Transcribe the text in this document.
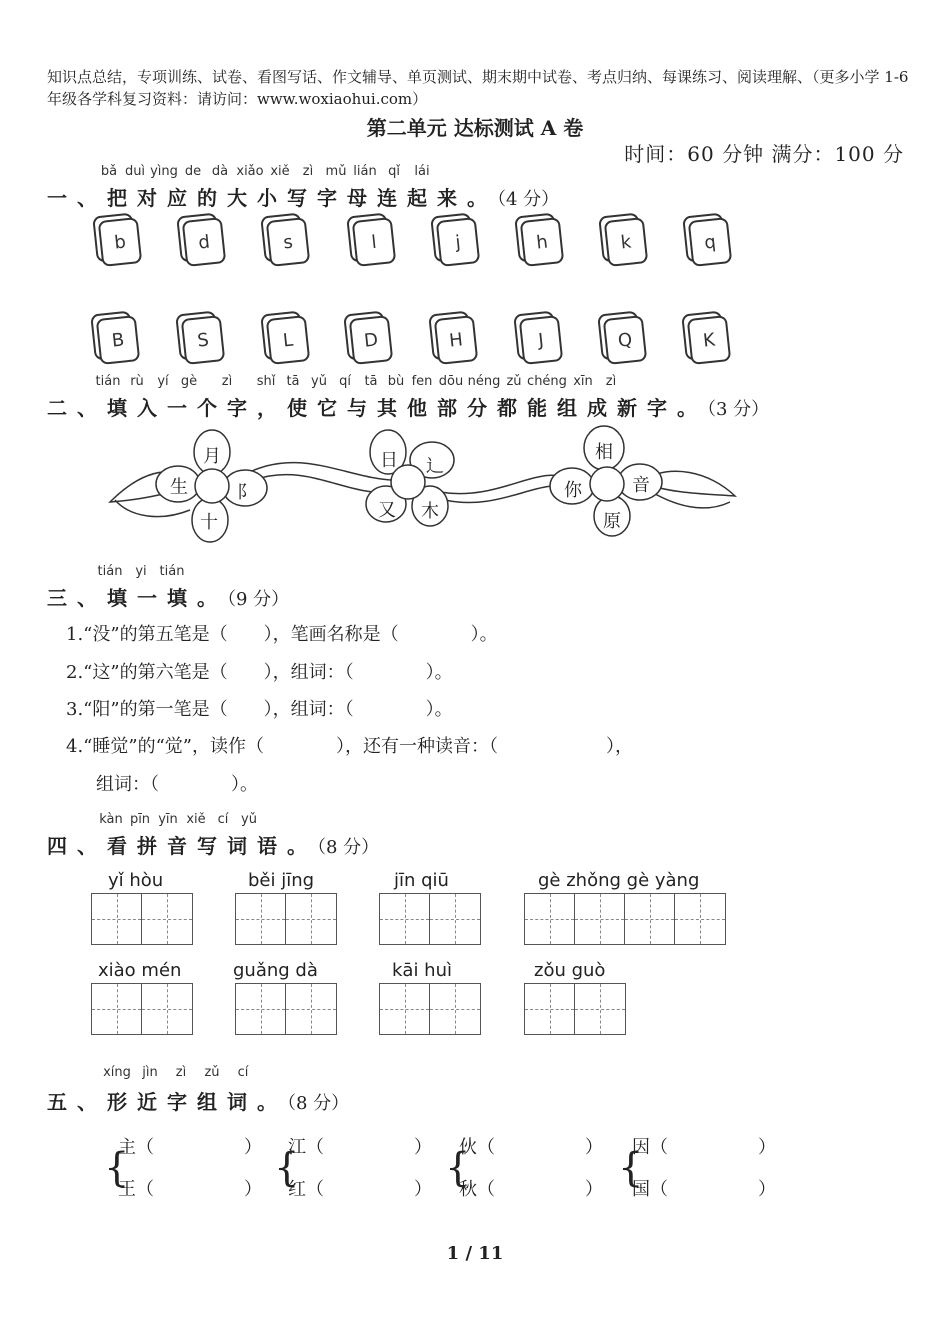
知识点总结，专项训练、试卷、看图写话、作文辅导、单页测试、期末期中试卷、考点归纳、每课练习、阅读理解、（更多小学 1-6 年级各学科复习资料：请访问：www.woxiaohui.com）
第二单元 达标测试 A 卷
时间：60 分钟 满分：100 分
bǎ duì yìng de dà xiǎo xiě	zì mǔ lián qǐ	lái
一、把对应的大小写字母连起来。（4 分）
b	d	s	l	j	h	k	q
B	S	L	D	H	J	Q	K
tián rù	yí gè	zì	shǐ tā yǔ qí	tā bù fen dōu néng zǔ chéng xīn	zì
二、填入一个字，使它与其他部分都能组成新字。（3 分）
月
生	阝
十
日 辶
又 木
相
你	音
原
tián yi tián
三、填一填。（9 分）
1.“没”的第五笔是（　　），笔画名称是（　　　　）。
2.“这”的第六笔是（　　），组词：（　　　　）。
3.“阳”的第一笔是（　　），组词：（　　　　）。
4.“睡觉”的“觉”，读作（　　　　），还有一种读音：（　　　　　　），
组词：（　　　　）。
kàn pīn yīn xiě cí yǔ
四、看拼音写词语。（8 分）
yǐ hòu	běi jīng	jīn qiū	gè zhǒng gè yàng
xiào mén	guǎng dà	kāi huì	zǒu guò
xíng jìn	zì	zǔ	cí
五、形近字组词。（8 分）
{
主（　　　　　）
王（　　　　　） {
江（　　　　　）
红（　　　　　） {
伙（　　　　　）
秋（　　　　　） {
因（　　　　　）
国（　　　　　）
1 / 11
